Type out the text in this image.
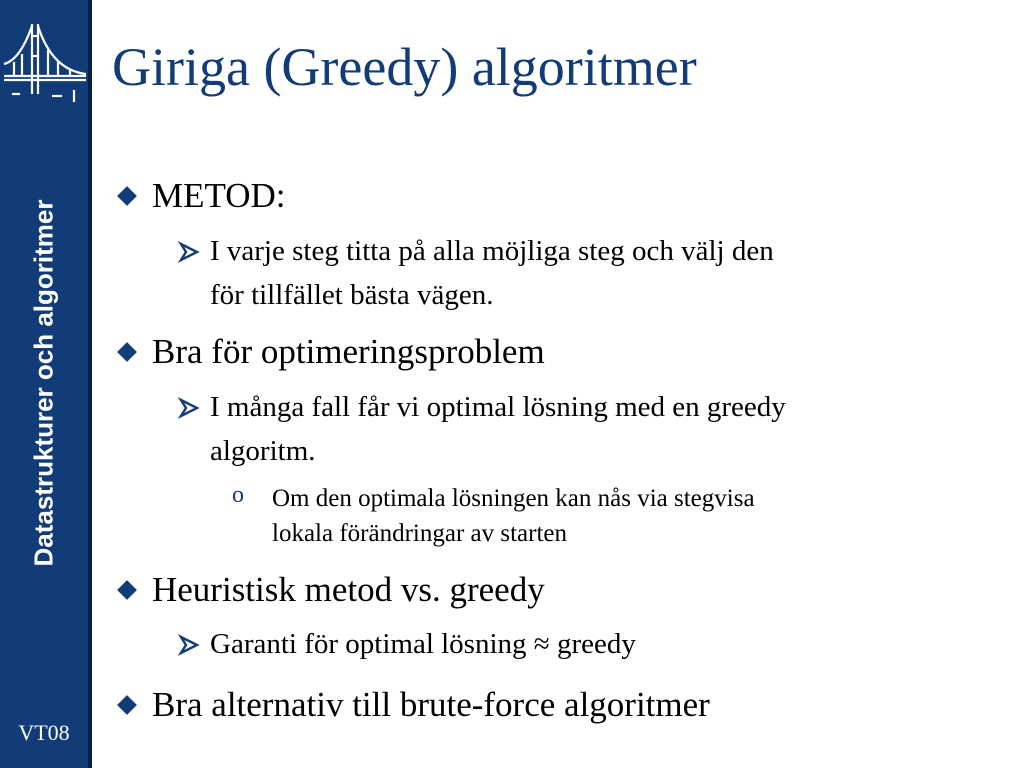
Datastrukturer och algoritmer
VT08
Giriga (Greedy) algoritmer
METOD:
I varje steg titta på alla möjliga steg och välj den
för tillfället bästa vägen.
Bra för optimeringsproblem
I många fall får vi optimal lösning med en greedy
algoritm.
o Om den optimala lösningen kan nås via stegvisa
lokala förändringar av starten
Heuristisk metod vs. greedy
Garanti för optimal lösning ≈ greedy
Bra alternativ till brute-force algoritmer
